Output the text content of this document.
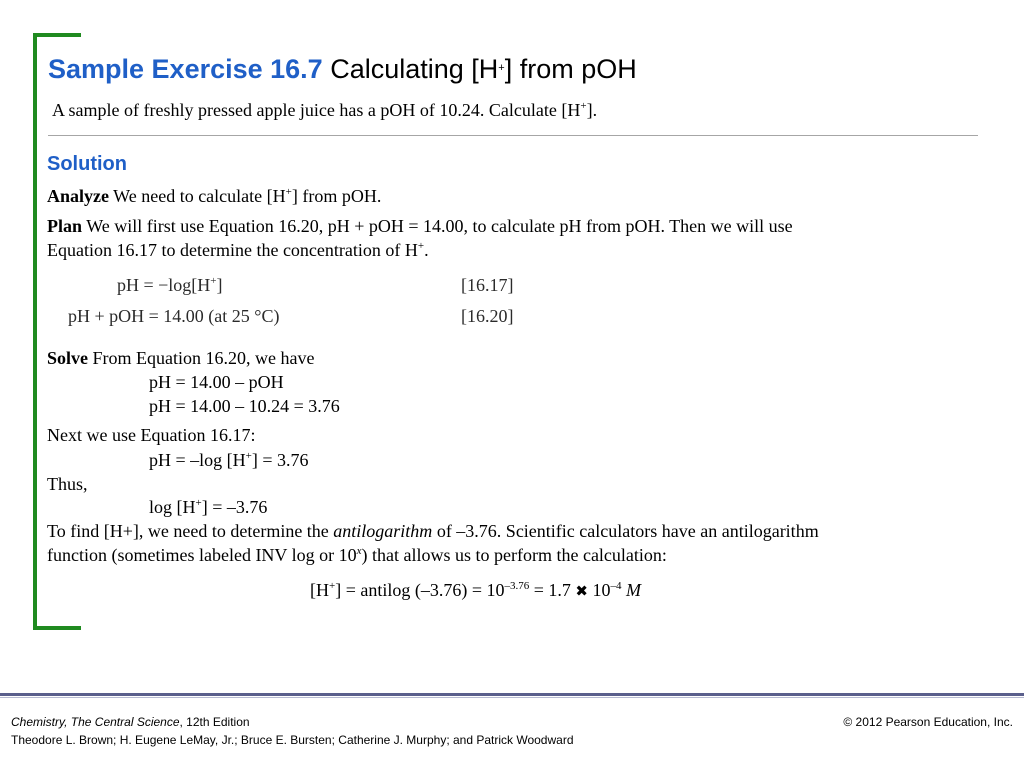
Sample Exercise 16.7 Calculating [H+] from pOH
A sample of freshly pressed apple juice has a pOH of 10.24. Calculate [H+].
Solution
Analyze We need to calculate [H+] from pOH.
Plan We will first use Equation 16.20, pH + pOH = 14.00, to calculate pH from pOH. Then we will use
Equation 16.17 to determine the concentration of H+.
pH = −log[H+]	[16.17]
pH + pOH = 14.00 (at 25 °C)	[16.20]
Solve From Equation 16.20, we have
pH = 14.00 – pOH
pH = 14.00 – 10.24 = 3.76
Next we use Equation 16.17:
pH = –log [H+] = 3.76
Thus,
log [H+] = –3.76
To find [H+], we need to determine the antilogarithm of –3.76. Scientific calculators have an antilogarithm
function (sometimes labeled INV log or 10$^x$) that allows us to perform the calculation:
[H+] = antilog $(-3.76) = 10^{-3.76} = 1.7$ ✖ $10^{-4}$ M
Chemistry, The Central Science, 12th Edition
Theodore L. Brown; H. Eugene LeMay, Jr.; Bruce E. Bursten; Catherine J. Murphy; and Patrick Woodward
© 2012 Pearson Education, Inc.
